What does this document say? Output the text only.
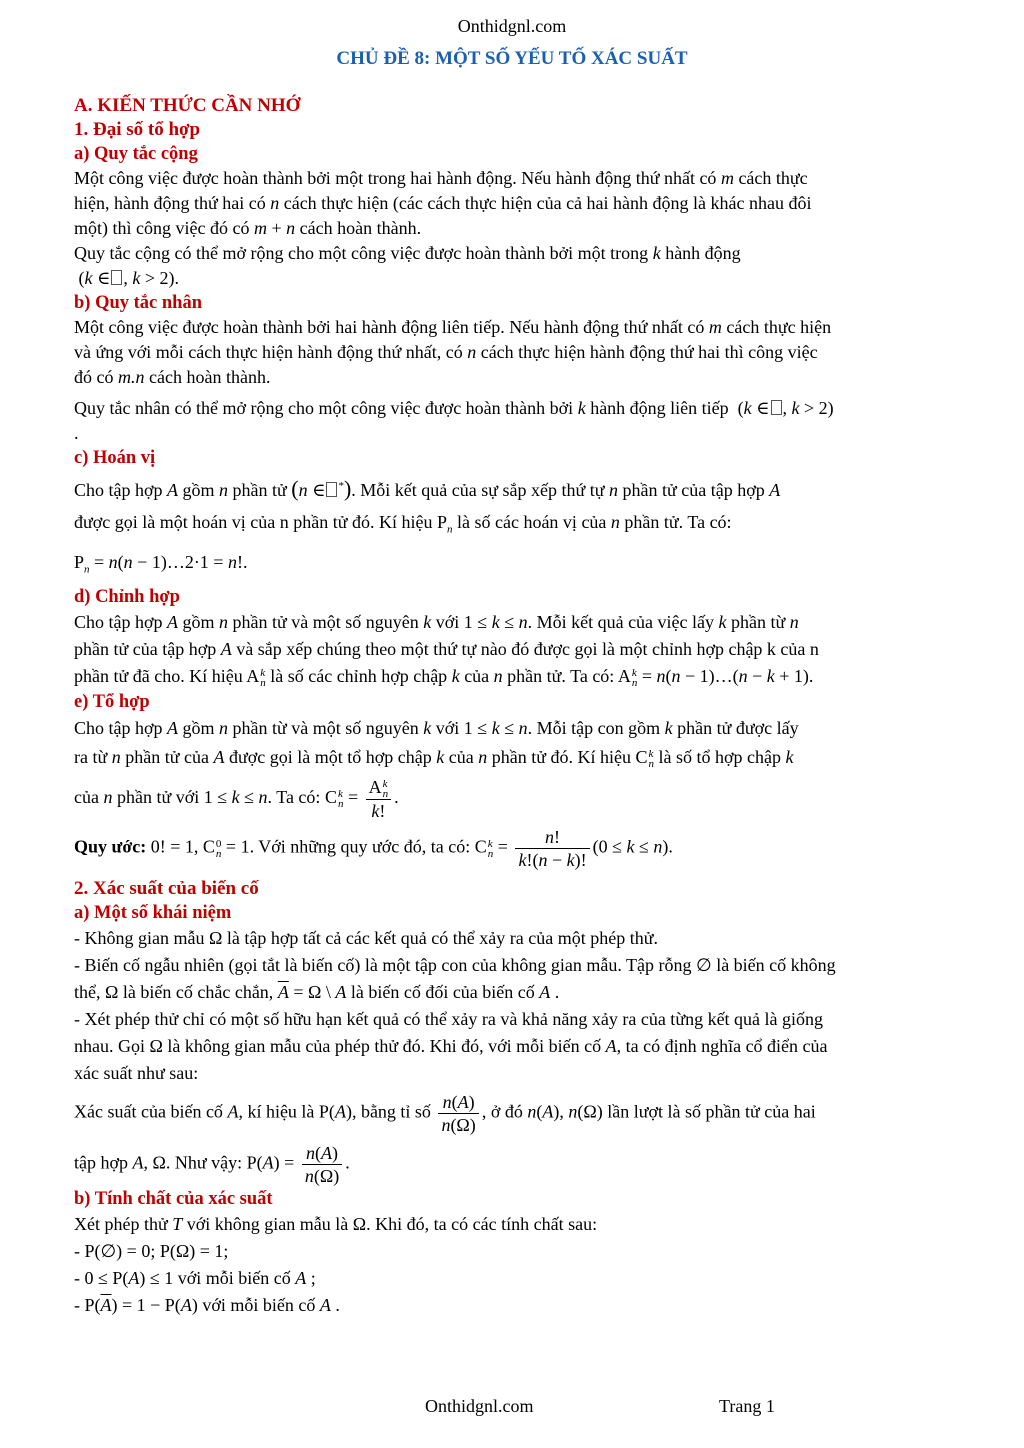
Onthidgnl.com
CHỦ ĐỀ 8: MỘT SỐ YẾU TỐ XÁC SUẤT
A. KIẾN THỨC CẦN NHỚ
1. Đại số tổ hợp
a) Quy tắc cộng

Một công việc được hoàn thành bởi một trong hai hành động. Nếu hành động thứ nhất có m cách thực
hiện, hành động thứ hai có n cách thực hiện (các cách thực hiện của cả hai hành động là khác nhau đôi
một) thì công việc đó có m + n cách hoàn thành.

Quy tắc cộng có thể mở rộng cho một công việc được hoàn thành bởi một trong k hành động
(k ∈ , k > 2).

b) Quy tắc nhân

Một công việc được hoàn thành bởi hai hành động liên tiếp. Nếu hành động thứ nhất có m cách thực hiện
và ứng với mỗi cách thực hiện hành động thứ nhất, có n cách thực hiện hành động thứ hai thì công việc
đó có m.n cách hoàn thành.

Quy tắc nhân có thể mở rộng cho một công việc được hoàn thành bởi k hành động liên tiếp  (k ∈ , k > 2)
.

c) Hoán vị

Cho tập hợp A gồm n phần tử (n ∈ *). Mỗi kết quả của sự sắp xếp thứ tự n phần tử của tập hợp A
được gọi là một hoán vị của n phần tử đó. Kí hiệu $P_n$ là số các hoán vị của n phần tử. Ta có:
$P_n = n(n$ − 1)…2·1 = n!.

d) Chỉnh hợp

Cho tập hợp A gồm n phần tử và một số nguyên k với 1 ≤ k ≤ n. Mỗi kết quả của việc lấy k phần từ n
phần tử của tập hợp A và sắp xếp chúng theo một thứ tự nào đó được gọi là một chỉnh hợp chập k của n
phần tử đã cho. Kí hiệu A k
n là số các chỉnh hợp chập k của n phần tử. Ta có: A k
n = n(n − 1)…(n − k + 1).

e) Tổ hợp

Cho tập hợp A gồm n phần từ và một số nguyên k với 1 ≤ k ≤ n. Mỗi tập con gồm k phần tử được lấy
ra từ n phần tử của A được gọi là một tổ hợp chập k của n phần tử đó. Kí hiệu C k
n là số tổ hợp chập k

của n phần tử với 1 ≤ k ≤ n. Ta có: C k
n = A k
n
k! .

Quy ước: 0! = 1, C 0
n = 1. Với những quy ước đó, ta có: C k
$n = \frac{n!}{k!(n - k)!} (0 \le k \le n)$.

2. Xác suất của biến cố
a) Một số khái niệm

- Không gian mẫu Ω là tập hợp tất cả các kết quả có thể xảy ra của một phép thử.
- Biến cố ngẫu nhiên (gọi tắt là biến cố) là một tập con của không gian mẫu. Tập rỗng ∅ là biến cố không
thể, Ω là biến cố chắc chắn, $\overline{A} = \Omega$ \ A là biến cố đối của biến cố A .
- Xét phép thử chỉ có một số hữu hạn kết quả có thể xảy ra và khả năng xảy ra của từng kết quả là giống
nhau. Gọi Ω là không gian mẫu của phép thử đó. Khi đó, với mỗi biến cố A, ta có định nghĩa cổ điển của
xác suất như sau:

Xác suất của biến cố A, kí hiệu là P(A), bằng tỉ số $\frac{n(A)}{n(\Omega)}$ , ở đó n(A), n(Ω) lần lượt là số phần tử của hai

tập hợp A, Ω. Như vậy: $P(A) = \frac{n(A)}{n(\Omega)}$ .

b) Tính chất của xác suất

Xét phép thử T với không gian mẫu là Ω. Khi đó, ta có các tính chất sau:
- P(∅) = 0; P(Ω) = 1;
- 0 ≤ P(A) ≤ 1 với mỗi biến cố A ;
- $P(\overline{A}) = 1 - P(A)$ với mỗi biến cố A .

Onthidgnl.com	Trang 1
